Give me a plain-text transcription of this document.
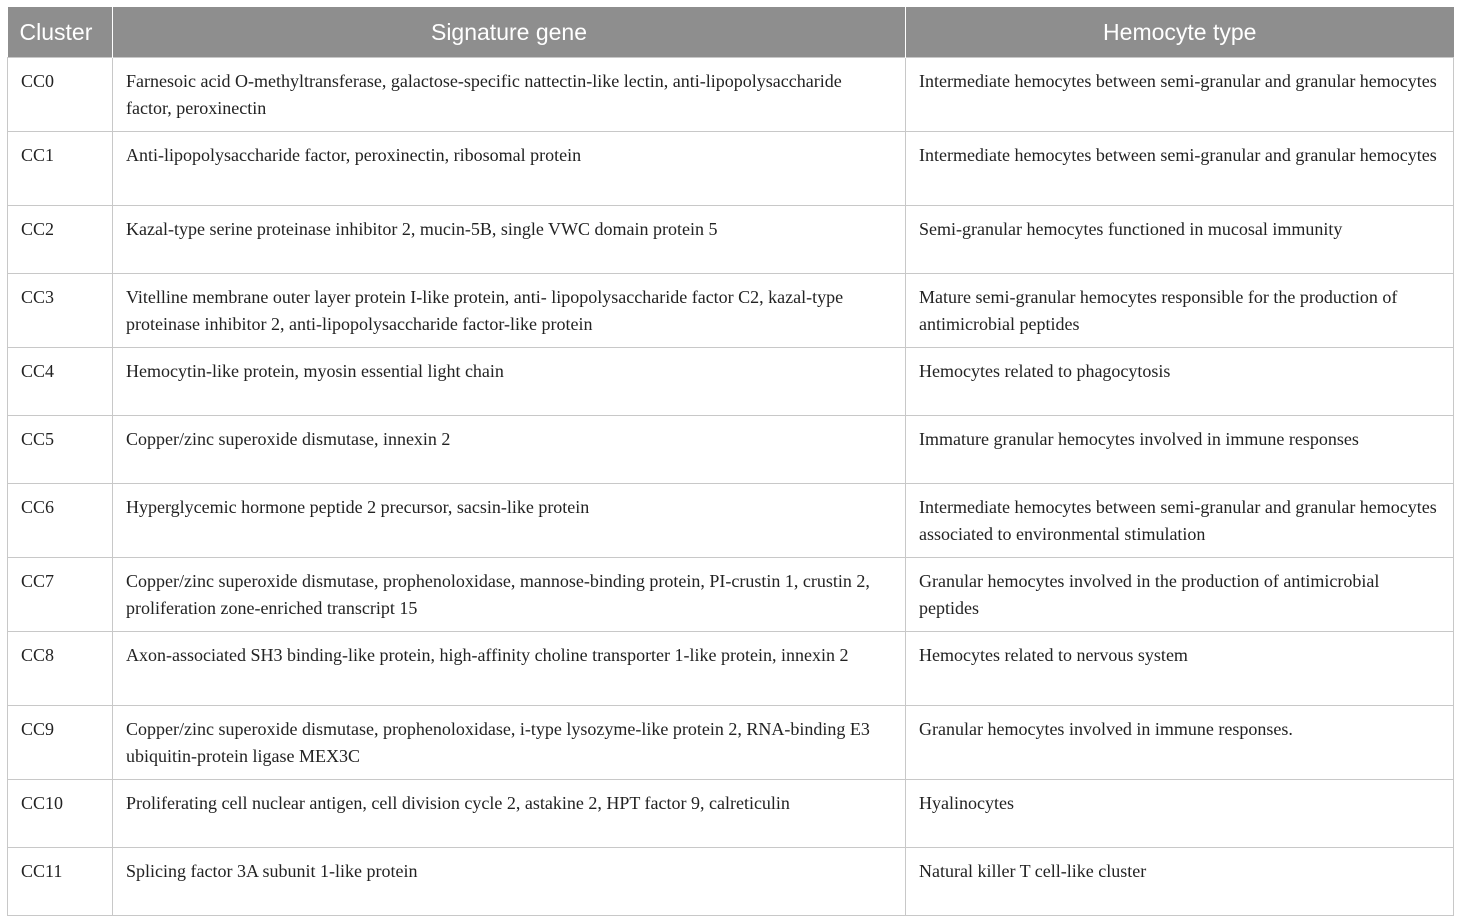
Cluster	Signature gene	Hemocyte type
CC0	Farnesoic acid O-methyltransferase, galactose-specific nattectin-like lectin, anti-lipopolysaccharide factor, peroxinectin	Intermediate hemocytes between semi-granular and granular hemocytes
CC1	Anti-lipopolysaccharide factor, peroxinectin, ribosomal protein	Intermediate hemocytes between semi-granular and granular hemocytes
CC2	Kazal-type serine proteinase inhibitor 2, mucin-5B, single VWC domain protein 5	Semi-granular hemocytes functioned in mucosal immunity
CC3	Vitelline membrane outer layer protein I-like protein, anti- lipopolysaccharide factor C2, kazal-type proteinase inhibitor 2, anti-lipopolysaccharide factor-like protein	Mature semi-granular hemocytes responsible for the production of antimicrobial peptides
CC4	Hemocytin-like protein, myosin essential light chain	Hemocytes related to phagocytosis
CC5	Copper/zinc superoxide dismutase, innexin 2	Immature granular hemocytes involved in immune responses
CC6	Hyperglycemic hormone peptide 2 precursor, sacsin-like protein	Intermediate hemocytes between semi-granular and granular hemocytes associated to environmental stimulation
CC7	Copper/zinc superoxide dismutase, prophenoloxidase, mannose-binding protein, PI-crustin 1, crustin 2, proliferation zone-enriched transcript 15	Granular hemocytes involved in the production of antimicrobial peptides
CC8	Axon-associated SH3 binding-like protein, high-affinity choline transporter 1-like protein, innexin 2	Hemocytes related to nervous system
CC9	Copper/zinc superoxide dismutase, prophenoloxidase, i-type lysozyme-like protein 2, RNA-binding E3 ubiquitin-protein ligase MEX3C	Granular hemocytes involved in immune responses.
CC10	Proliferating cell nuclear antigen, cell division cycle 2, astakine 2, HPT factor 9, calreticulin	Hyalinocytes
CC11	Splicing factor 3A subunit 1-like protein	Natural killer T cell-like cluster
